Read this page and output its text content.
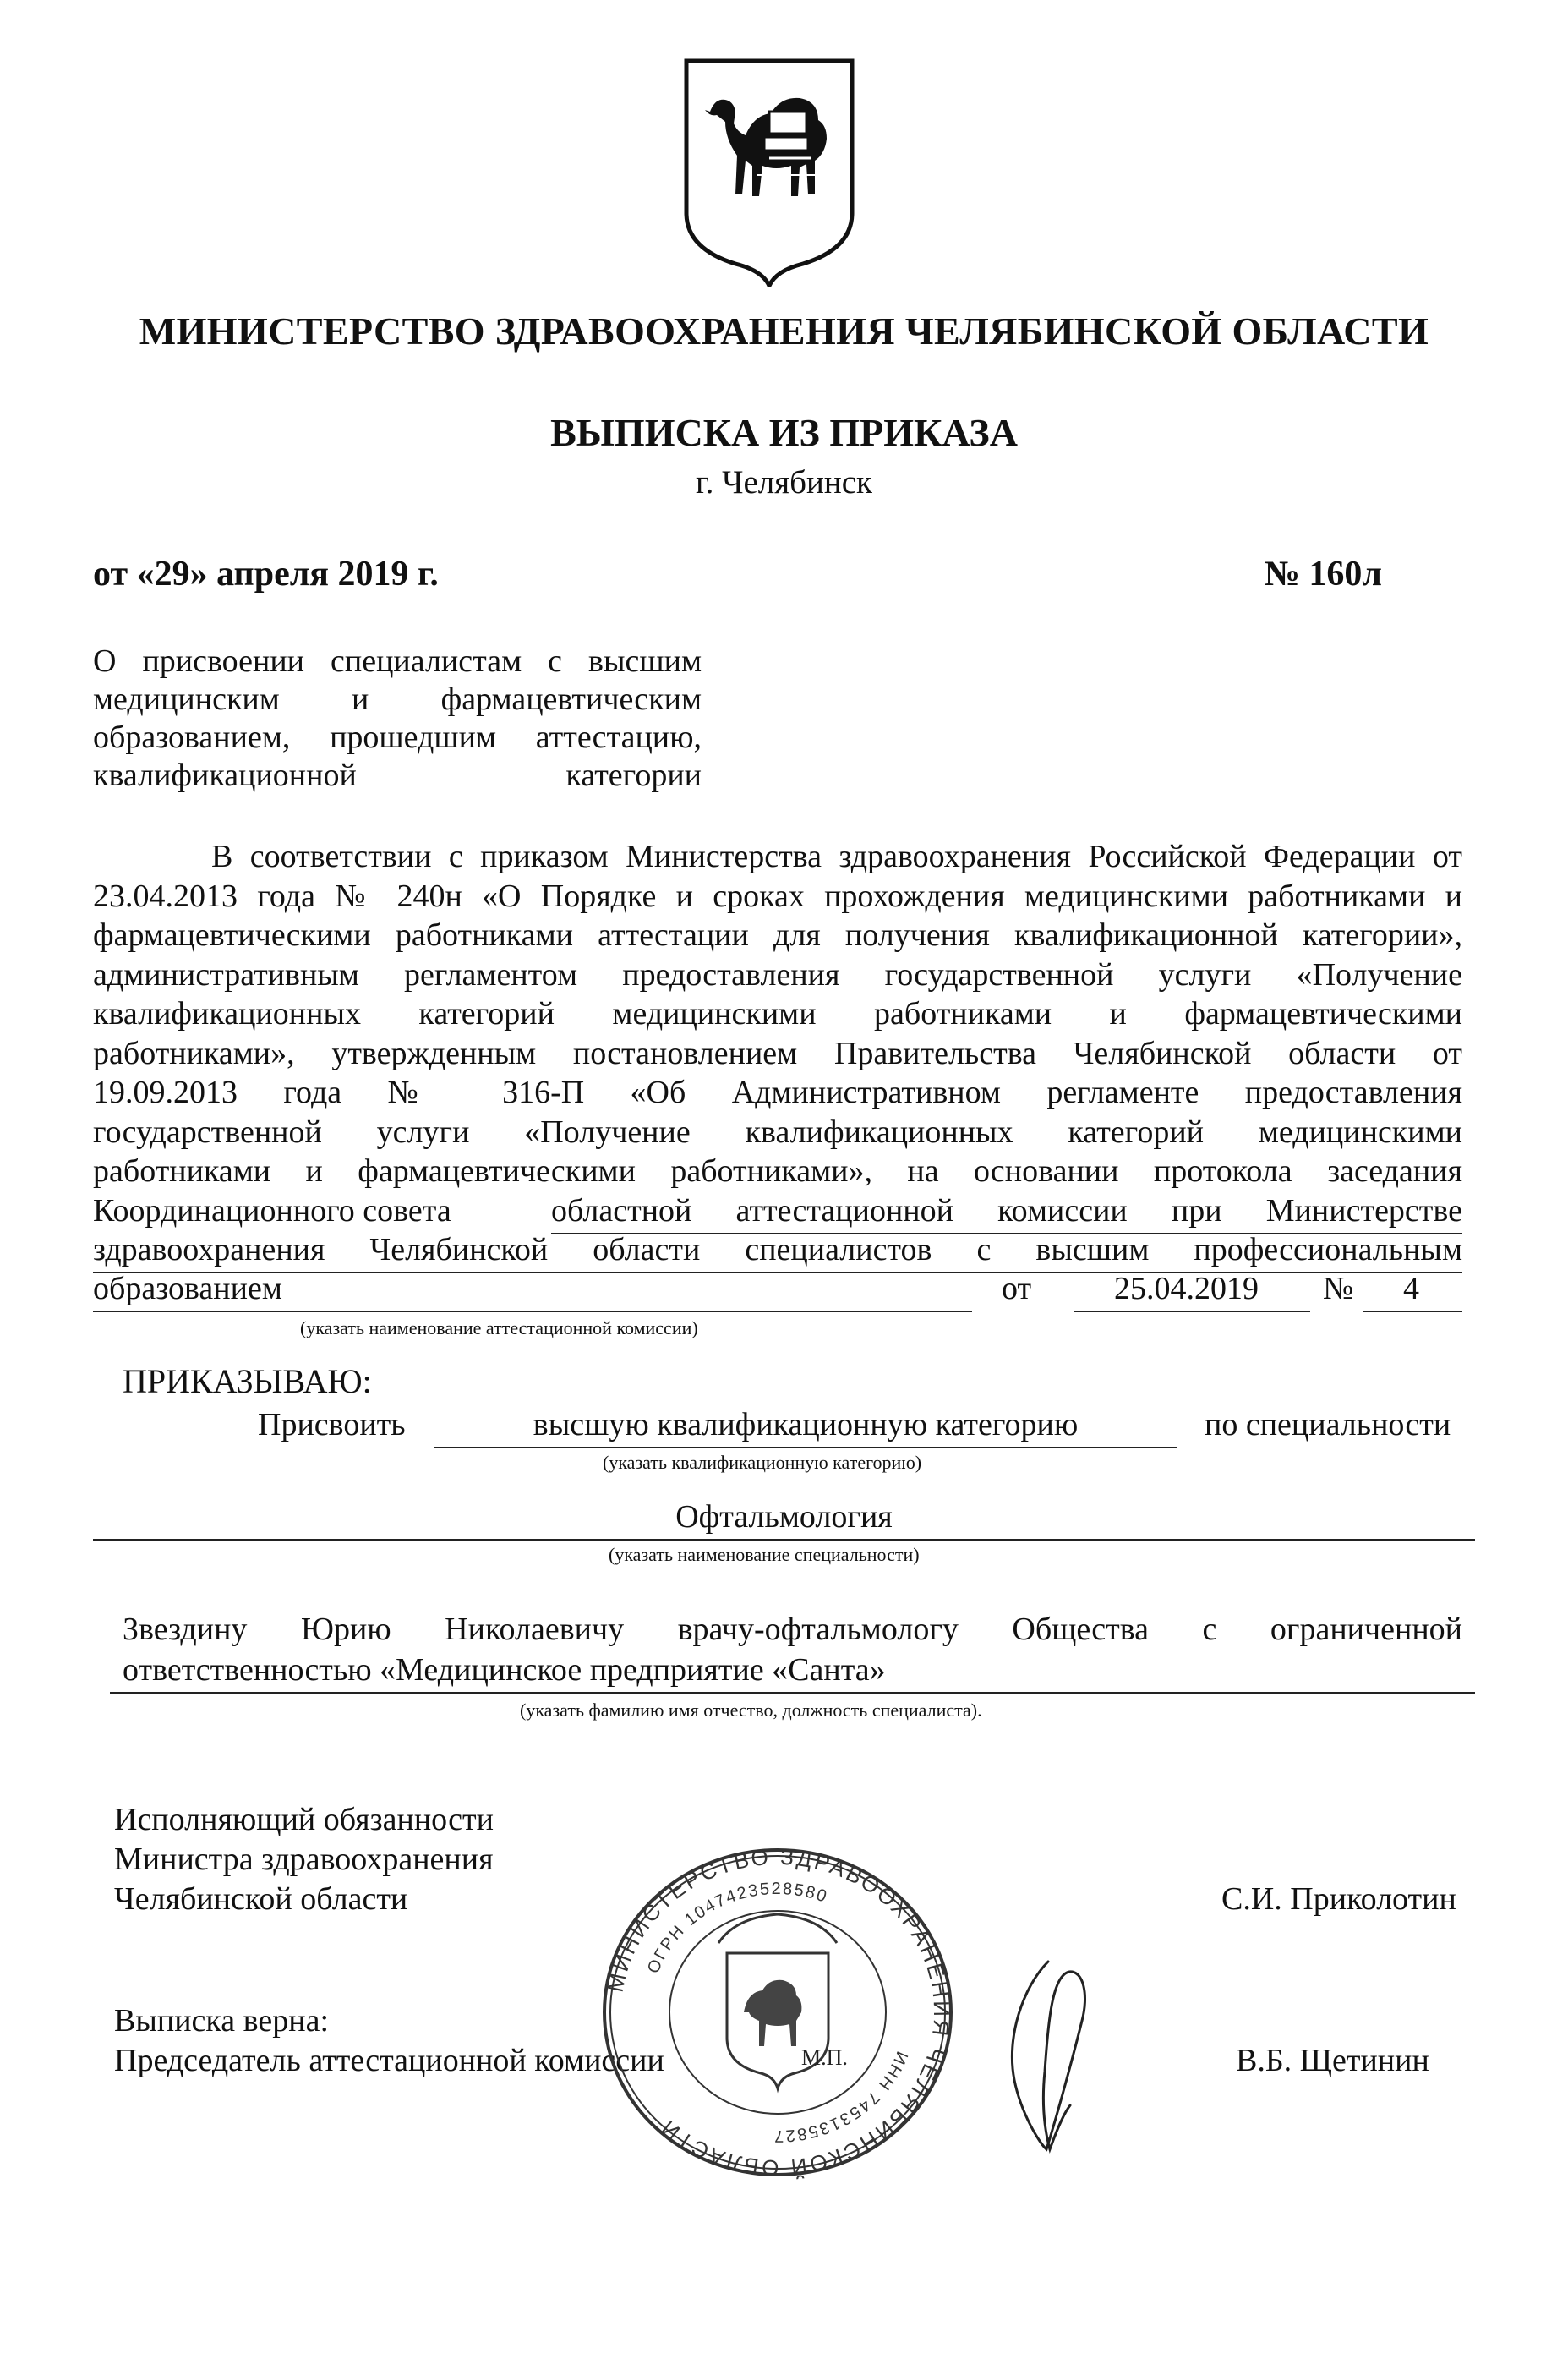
МИНИСТЕРСТВО ЗДРАВООХРАНЕНИЯ ЧЕЛЯБИНСКОЙ ОБЛАСТИ
ВЫПИСКА ИЗ ПРИКАЗА
г. Челябинск
от «29» апреля 2019 г.	№ 160л
О присвоении специалистам с высшим
медицинским и фармацевтическим
образованием, прошедшим аттестацию,
квалификационной категории
В соответствии с приказом Министерства здравоохранения Российской Федерации от
23.04.2013 года № 240н «О Порядке и сроках прохождения медицинскими работниками и
фармацевтическими работниками аттестации для получения квалификационной категории»,
административным регламентом предоставления государственной услуги «Получение
квалификационных категорий медицинскими работниками и фармацевтическими
работниками», утвержденным постановлением Правительства Челябинской области от
19.09.2013 года № 316-П «Об Административном регламенте предоставления
государственной услуги «Получение квалификационных категорий медицинскими
работниками и фармацевтическими работниками», на основании протокола заседания
Координационного совета	областной аттестационной комиссии при Министерстве
здравоохранения Челябинской области специалистов с высшим профессиональным
образованием	от	25.04.2019 № 4
(указать наименование аттестационной комиссии)
ПРИКАЗЫВАЮ:
Присвоить	высшую квалификационную категорию	по специальности
(указать квалификационную категорию)
Офтальмология
(указать наименование специальности)
Звездину Юрию Николаевичу врачу-офтальмологу Общества с ограниченной
ответственностью «Медицинское предприятие «Санта»
(указать фамилию имя отчество, должность специалиста).
Исполняющий обязанности
Министра здравоохранения
Челябинской области	С.И. Приколотин
Выписка верна:
Председатель аттестационной комиссии	В.Б. Щетинин
МИНИСТЕРСТВО ЗДРАВООХРАНЕНИЯ ЧЕЛЯБИНСКОЙ ОБЛАСТИ
ОГРН 1047423528580
ИНН 7453135827
М.П.
